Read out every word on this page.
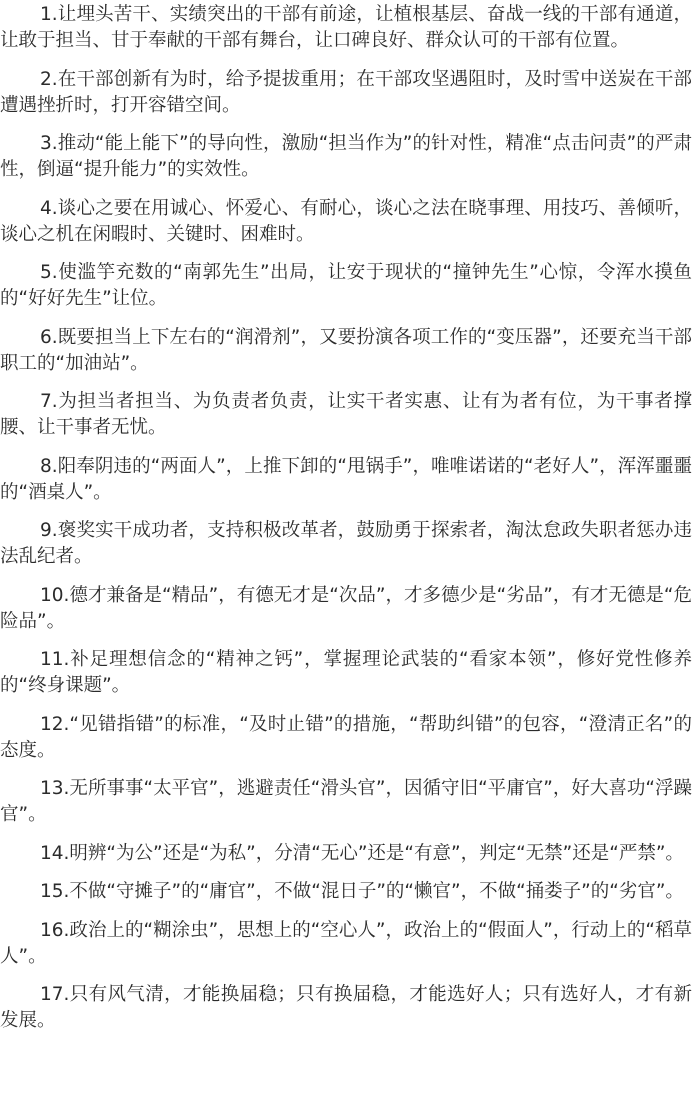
1.让埋头苦干、实绩突出的干部有前途，让植根基层、奋战一线的干部有通道，让敢于担当、甘于奉献的干部有舞台，让口碑良好、群众认可的干部有位置。

2.在干部创新有为时，给予提拔重用；在干部攻坚遇阻时，及时雪中送炭在干部遭遇挫折时，打开容错空间。

3.推动“能上能下”的导向性，激励“担当作为”的针对性，精准“点击问责”的严肃性，倒逼“提升能力”的实效性。

4.谈心之要在用诚心、怀爱心、有耐心，谈心之法在晓事理、用技巧、善倾听，谈心之机在闲暇时、关键时、困难时。

5.使滥竽充数的“南郭先生”出局，让安于现状的“撞钟先生”心惊，令浑水摸鱼的“好好先生”让位。

6.既要担当上下左右的“润滑剂”，又要扮演各项工作的“变压器”，还要充当干部职工的“加油站”。

7.为担当者担当、为负责者负责，让实干者实惠、让有为者有位，为干事者撑腰、让干事者无忧。

8.阳奉阴违的“两面人”，上推下卸的“甩锅手”，唯唯诺诺的“老好人”，浑浑噩噩的“酒桌人”。

9.褒奖实干成功者，支持积极改革者，鼓励勇于探索者，淘汰怠政失职者惩办违法乱纪者。

10.德才兼备是“精品”，有德无才是“次品”，才多德少是“劣品”，有才无德是“危险品”。

11.补足理想信念的“精神之钙”，掌握理论武装的“看家本领”，修好党性修养的“终身课题”。

12.“见错指错”的标准，“及时止错”的措施，“帮助纠错”的包容，“澄清正名”的态度。

13.无所事事“太平官”，逃避责任“滑头官”，因循守旧“平庸官”，好大喜功“浮躁官”。

14.明辨“为公”还是“为私”，分清“无心”还是“有意”，判定“无禁”还是“严禁”。

15.不做“守摊子”的“庸官”，不做“混日子”的“懒官”，不做“捅娄子”的“劣官”。

16.政治上的“糊涂虫”，思想上的“空心人”，政治上的“假面人”，行动上的“稻草人”。

17.只有风气清，才能换届稳；只有换届稳，才能选好人；只有选好人，才有新发展。
